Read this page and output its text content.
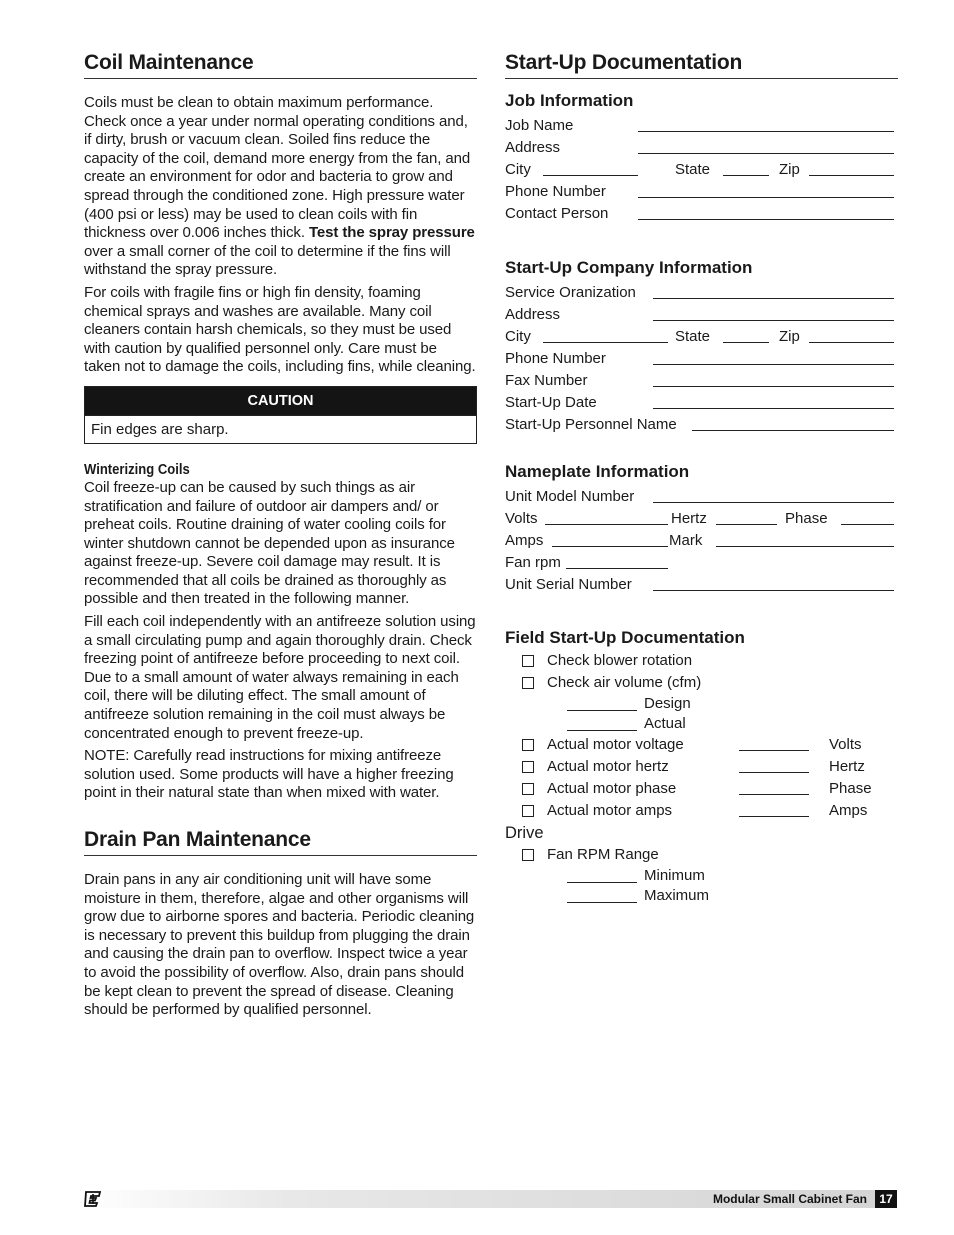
Coil Maintenance

Coils must be clean to obtain maximum performance. Check once a year under normal operating conditions and, if dirty, brush or vacuum clean. Soiled fins reduce the capacity of the coil, demand more energy from the fan, and create an environment for odor and bacteria to grow and spread through the conditioned zone. High pressure water (400 psi or less) may be used to clean coils with fin thickness over 0.006 inches thick. Test the spray pressure over a small corner of the coil to determine if the fins will withstand the spray pressure.

For coils with fragile fins or high fin density, foaming chemical sprays and washes are available. Many coil cleaners contain harsh chemicals, so they must be used with caution by qualified personnel only. Care must be taken not to damage the coils, including fins, while cleaning.

CAUTION
Fin edges are sharp.
Winterizing Coils

Coil freeze-up can be caused by such things as air stratification and failure of outdoor air dampers and/ or preheat coils. Routine draining of water cooling coils for winter shutdown cannot be depended upon as insurance against freeze-up. Severe coil damage may result. It is recommended that all coils be drained as thoroughly as possible and then treated in the following manner.

Fill each coil independently with an antifreeze solution using a small circulating pump and again thoroughly drain. Check freezing point of antifreeze before proceeding to next coil. Due to a small amount of water always remaining in each coil, there will be diluting effect. The small amount of antifreeze solution remaining in the coil must always be concentrated enough to prevent freeze-up.

NOTE: Carefully read instructions for mixing antifreeze solution used. Some products will have a higher freezing point in their natural state than when mixed with water.

Drain Pan Maintenance

Drain pans in any air conditioning unit will have some moisture in them, therefore, algae and other organisms will grow due to airborne spores and bacteria. Periodic cleaning is necessary to prevent this buildup from plugging the drain and causing the drain pan to overflow. Inspect twice a year to avoid the possibility of overflow. Also, drain pans should be kept clean to prevent the spread of disease. Cleaning should be performed by qualified personnel.

Start-Up Documentation
Job Information
Job Name
Address
City	State	Zip
Phone Number
Contact Person
Start-Up Company Information
Service Oranization
Address
City	State	Zip
Phone Number
Fax Number
Start-Up Date
Start-Up Personnel Name
Nameplate Information
Unit Model Number
Volts	Hertz	Phase
Amps	Mark
Fan rpm
Unit Serial Number
Field Start-Up Documentation
Check blower rotation
Check air volume (cfm)
Design
Actual
Actual motor voltage	Volts
Actual motor hertz	Hertz
Actual motor phase	Phase
Actual motor amps	Amps
Drive
Fan RPM Range
Minimum
Maximum
Modular Small Cabinet Fan	17
